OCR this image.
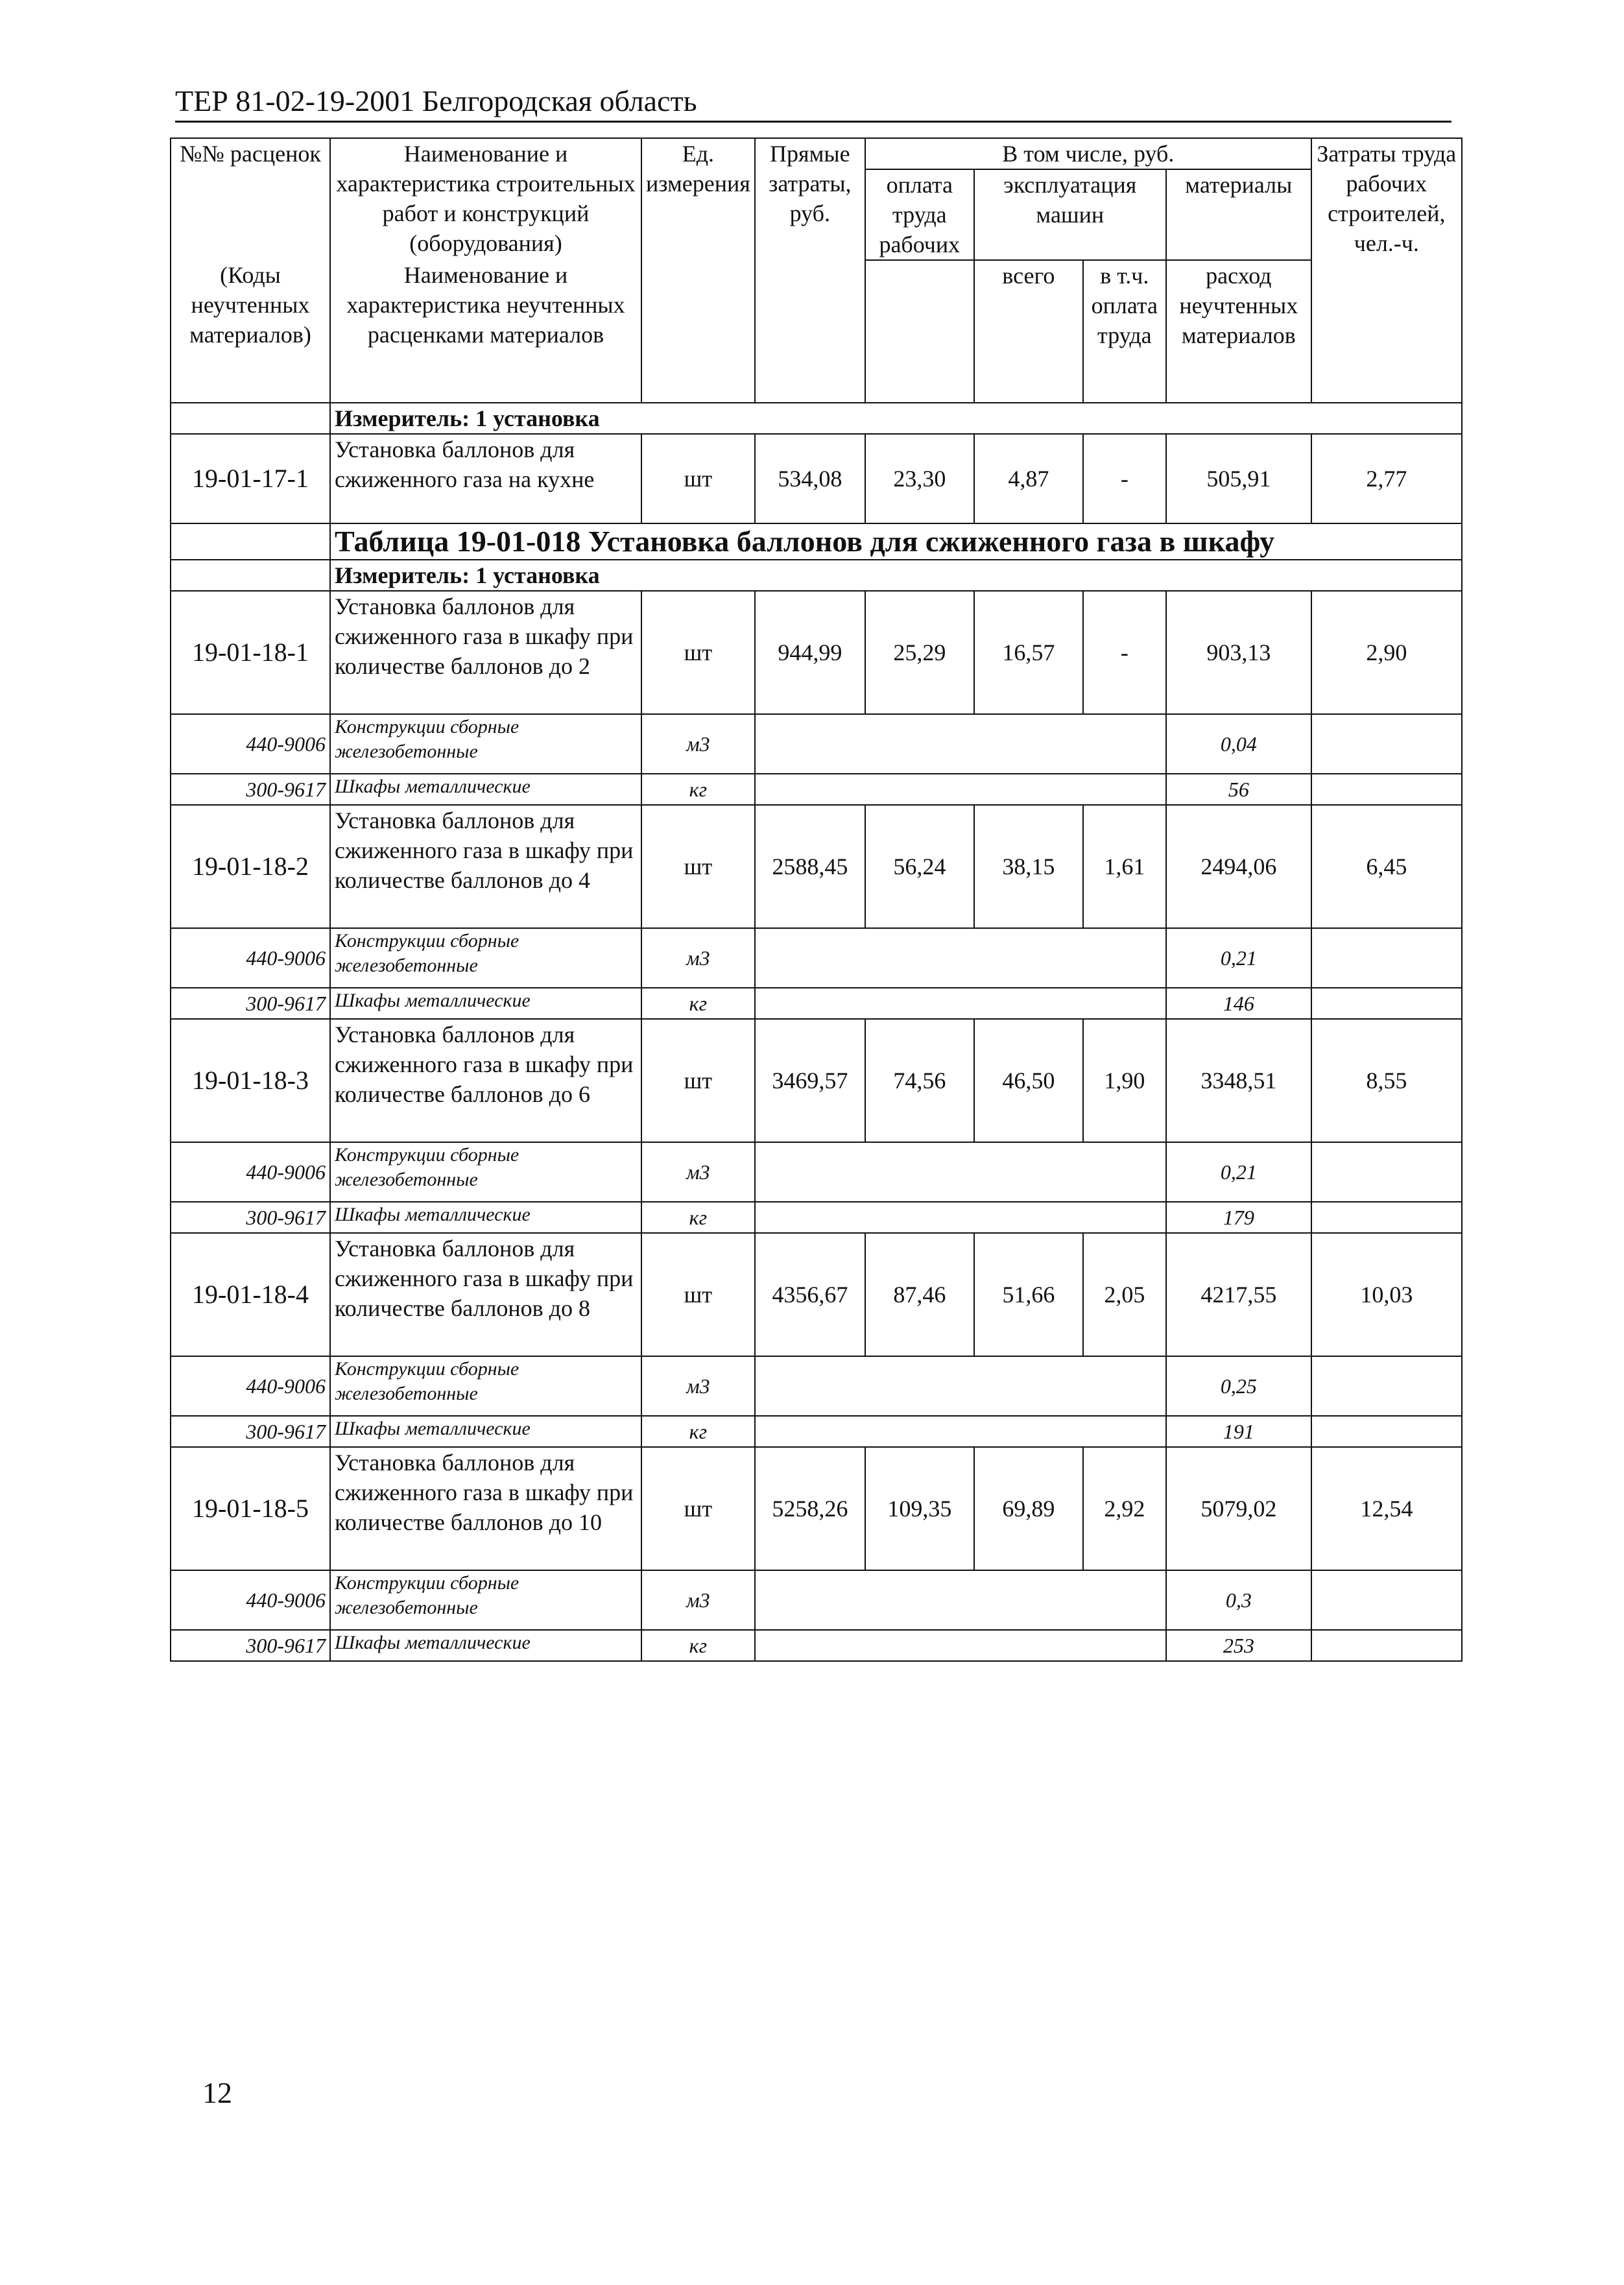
ТЕР 81-02-19-2001 Белгородская область
№№ расценок	Наименование и характеристика строительных работ и конструкций (оборудования)	Ед. измерения	Прямые затраты, руб.	В том числе, руб.				Затраты труда рабочих строителей, чел.-ч.
				оплата труда рабочих	эксплуатация машин		материалы	

(Коды неучтенных материалов)	Наименование и характеристика неучтенных расценками материалов				всего	в т.ч. оплата труда	расход неучтенных материалов	

	Измеритель: 1 установка							
19-01-17-1	Установка баллонов для сжиженного газа на кухне	шт	534,08	23,30	4,87	-	505,91	2,77
	Таблица 19-01-018 Установка баллонов для сжиженного газа в шкафу							
	Измеритель: 1 установка							
19-01-18-1	Установка баллонов для сжиженного газа в шкафу при количестве баллонов до 2	шт	944,99	25,29	16,57	-	903,13	2,90
440-9006	Конструкции сборные железобетонные	м3					0,04	
300-9617	Шкафы металлические	кг					56	
19-01-18-2	Установка баллонов для сжиженного газа в шкафу при количестве баллонов до 4	шт	2588,45	56,24	38,15	1,61	2494,06	6,45
440-9006	Конструкции сборные железобетонные	м3					0,21	
300-9617	Шкафы металлические	кг					146	
19-01-18-3	Установка баллонов для сжиженного газа в шкафу при количестве баллонов до 6	шт	3469,57	74,56	46,50	1,90	3348,51	8,55
440-9006	Конструкции сборные железобетонные	м3					0,21	
300-9617	Шкафы металлические	кг					179	
19-01-18-4	Установка баллонов для сжиженного газа в шкафу при количестве баллонов до 8	шт	4356,67	87,46	51,66	2,05	4217,55	10,03
440-9006	Конструкции сборные железобетонные	м3					0,25	
300-9617	Шкафы металлические	кг					191	
19-01-18-5	Установка баллонов для сжиженного газа в шкафу при количестве баллонов до 10	шт	5258,26	109,35	69,89	2,92	5079,02	12,54
440-9006	Конструкции сборные железобетонные	м3					0,3	
300-9617	Шкафы металлические	кг					253	
12
